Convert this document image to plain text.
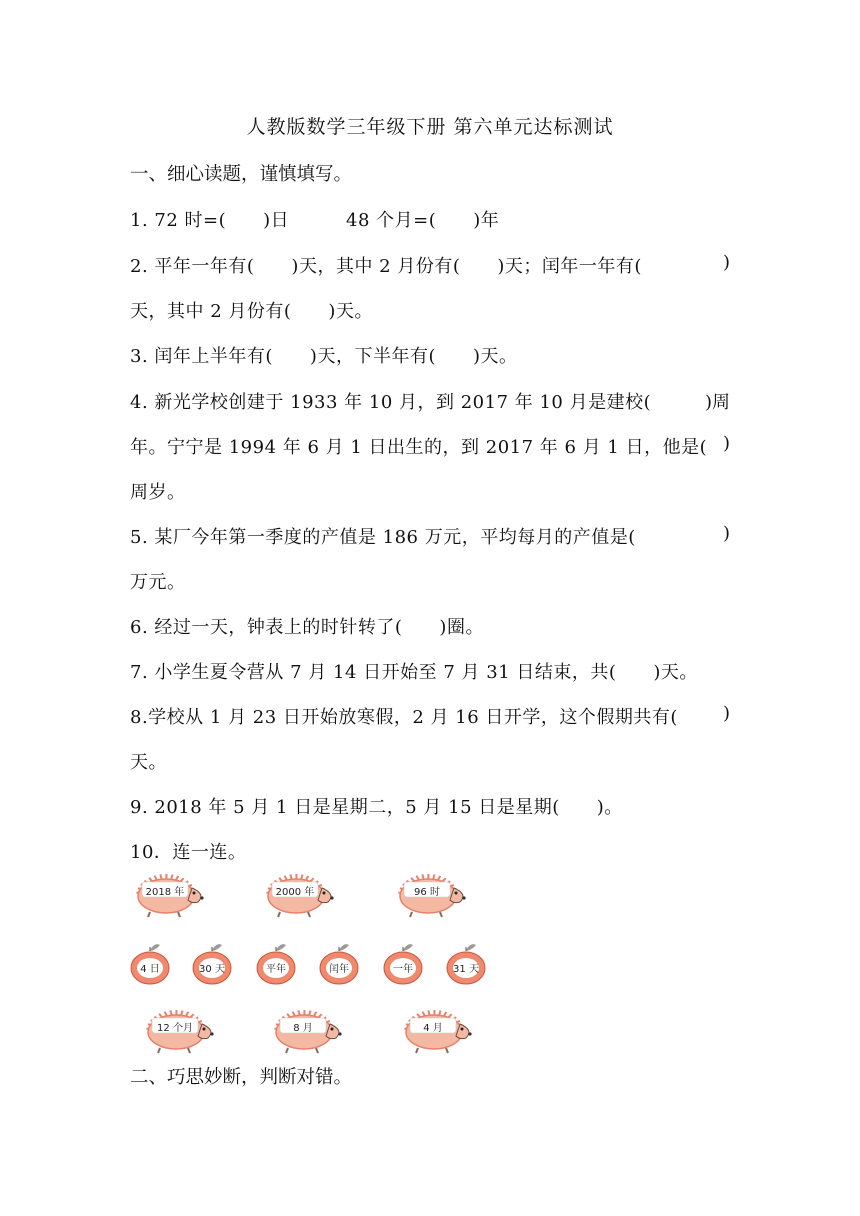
人教版数学三年级下册 第六单元达标测试
一、细心读题，谨慎填写。
1. 72 时=(　　)日	48 个月=(　　)年
2. 平年一年有(　　)天，其中 2 月份有(　　)天；闰年一年有(	)
天，其中 2 月份有(　　)天。
3. 闰年上半年有(　　)天，下半年有(　　)天。
4. 新光学校创建于 1933 年 10 月，到 2017 年 10 月是建校(	)周
年。宁宁是 1994 年 6 月 1 日出生的，到 2017 年 6 月 1 日，他是( )
周岁。
5. 某厂今年第一季度的产值是 186 万元，平均每月的产值是(	)
万元。
6. 经过一天，钟表上的时针转了(　　)圈。
7. 小学生夏令营从 7 月 14 日开始至 7 月 31 日结束，共(　　)天。
8.学校从 1 月 23 日开始放寒假，2 月 16 日开学，这个假期共有(	)
天。
9. 2018 年 5 月 1 日是星期二，5 月 15 日是星期(　　)。
10．连一连。
2018 年	2000 年	96 时
4 日	30 天	平年	闰年	一年	31 天
12 个月	8 月	4 月
二、巧思妙断，判断对错。
